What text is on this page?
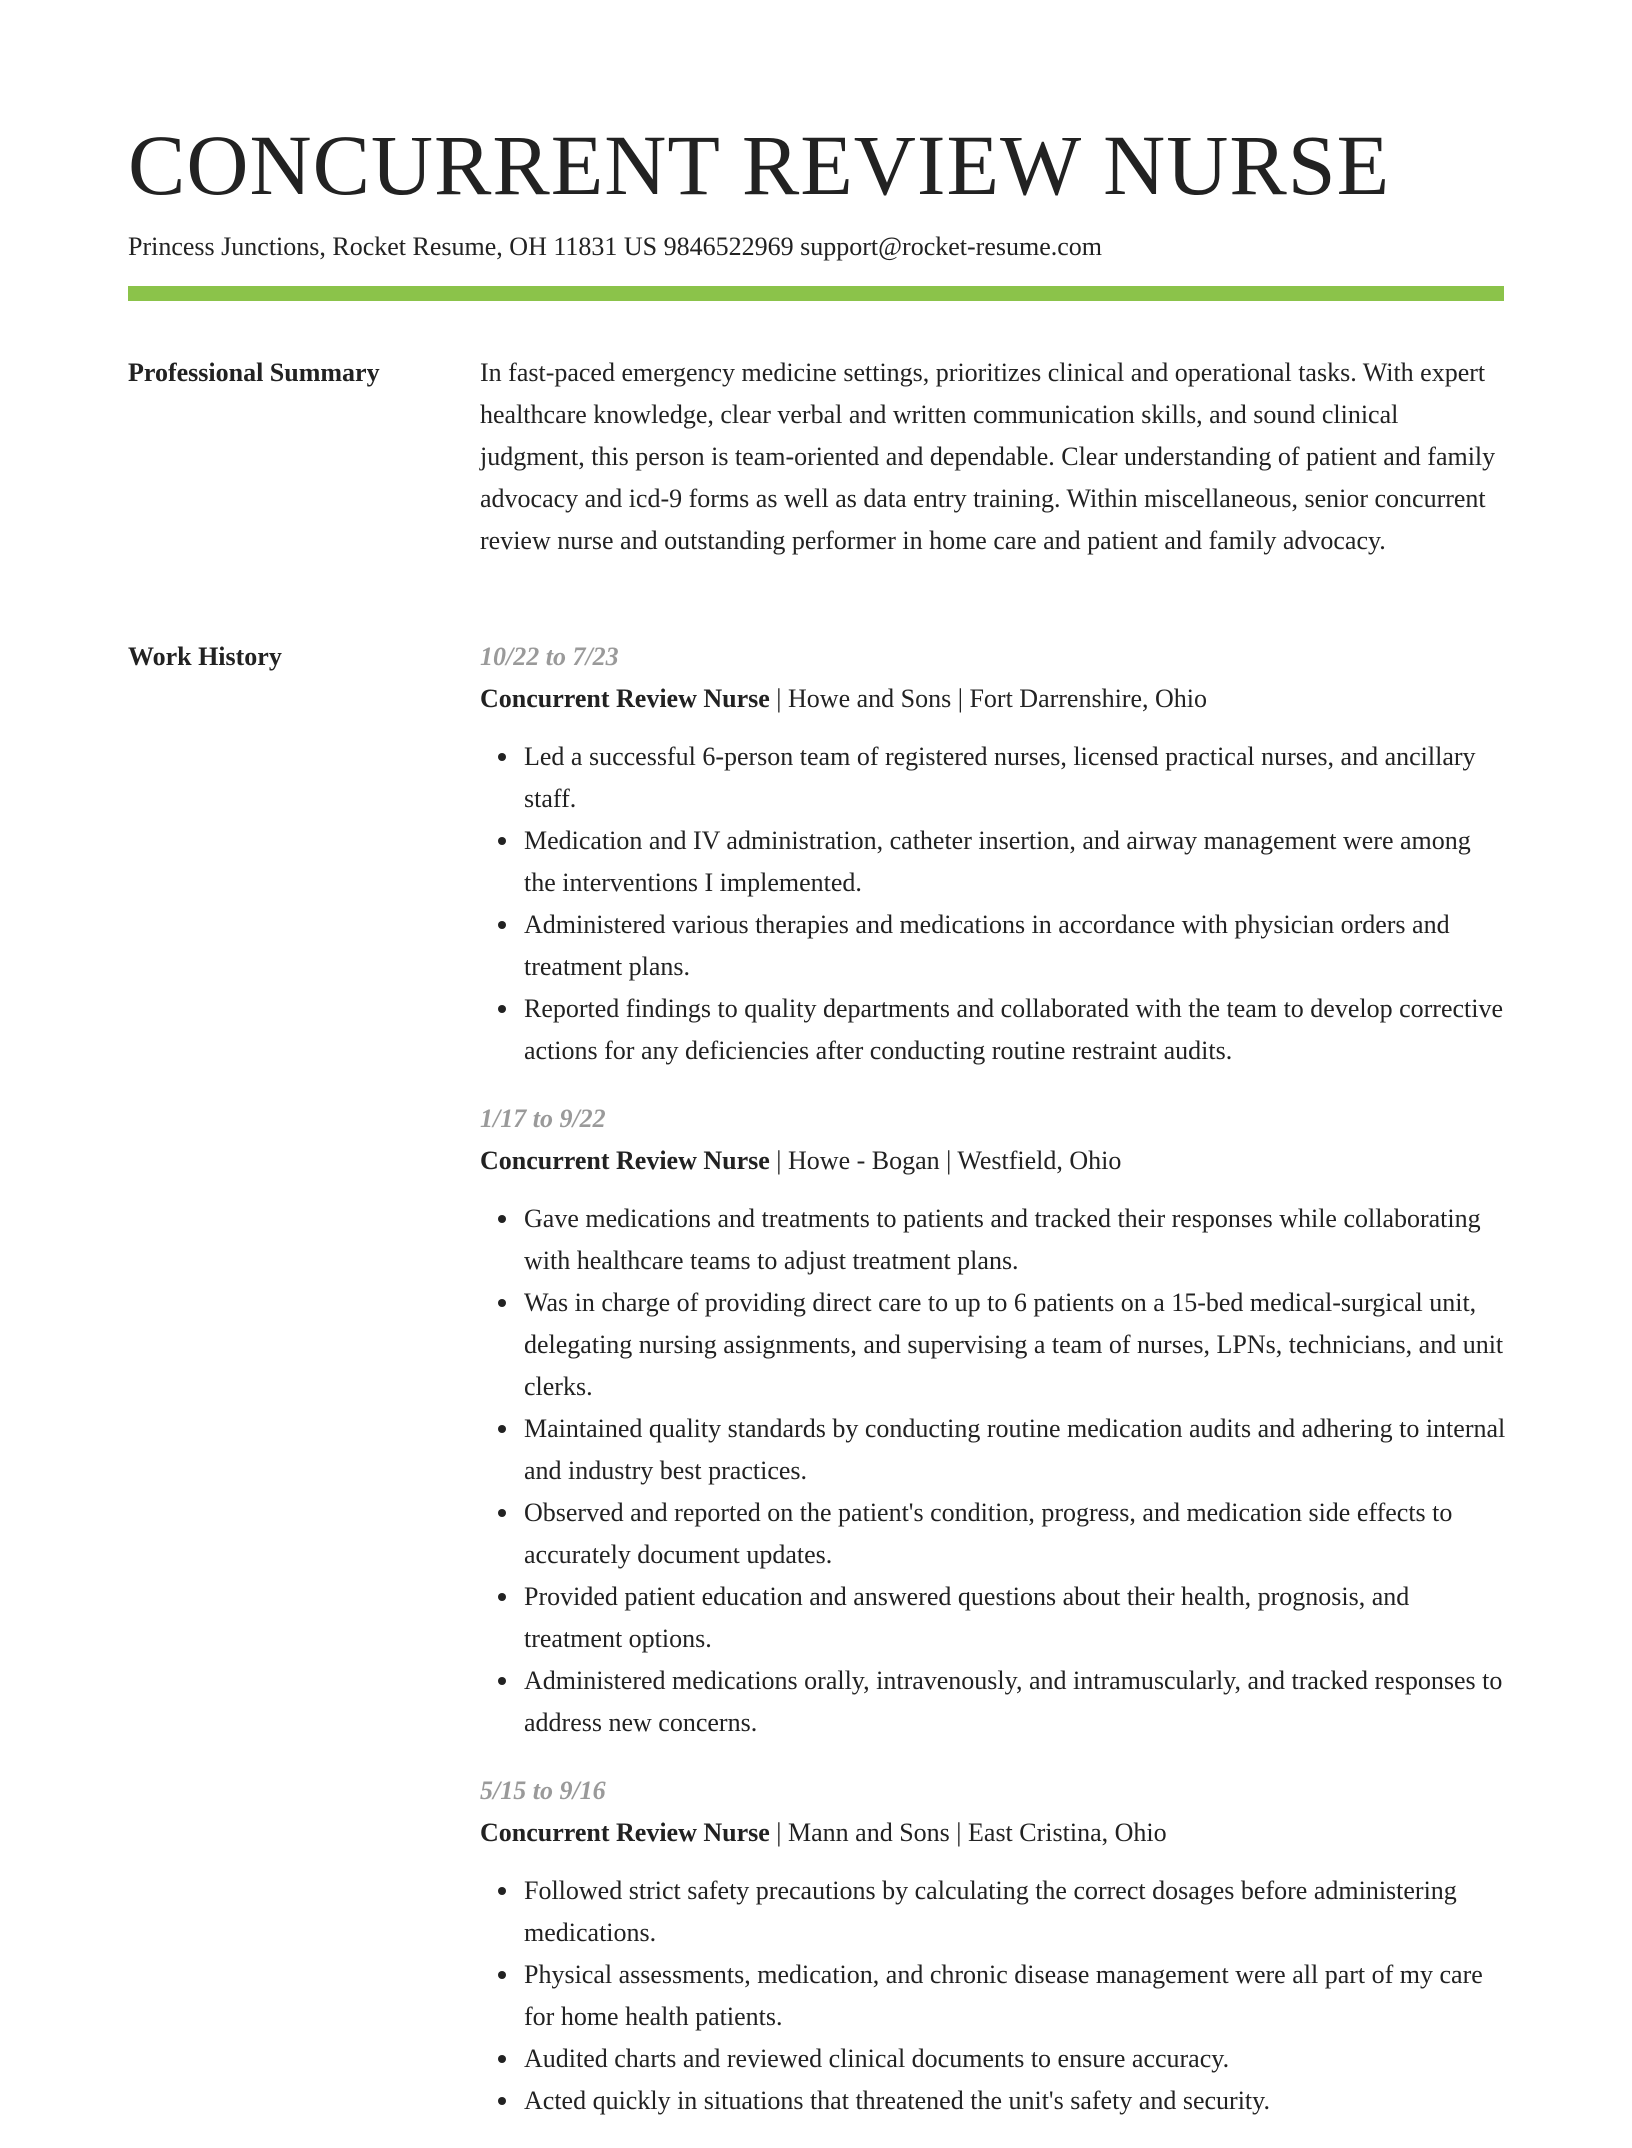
CONCURRENT REVIEW NURSE
Princess Junctions, Rocket Resume, OH 11831 US 9846522969 support@rocket-resume.com
Professional Summary	In fast-paced emergency medicine settings, prioritizes clinical and operational tasks. With expert healthcare knowledge, clear verbal and written communication skills, and sound clinical judgment, this person is team-oriented and dependable. Clear understanding of patient and family advocacy and icd-9 forms as well as data entry training. Within miscellaneous, senior concurrent review nurse and outstanding performer in home care and patient and family advocacy.

Work History	10/22 to 7/23
Concurrent Review Nurse | Howe and Sons | Fort Darrenshire, Ohio
Led a successful 6-person team of registered nurses, licensed practical nurses, and ancillary staff.
Medication and IV administration, catheter insertion, and airway management were among the interventions I implemented.
Administered various therapies and medications in accordance with physician orders and treatment plans.
Reported findings to quality departments and collaborated with the team to develop corrective actions for any deficiencies after conducting routine restraint audits.
1/17 to 9/22
Concurrent Review Nurse | Howe - Bogan | Westfield, Ohio
Gave medications and treatments to patients and tracked their responses while collaborating with healthcare teams to adjust treatment plans.
Was in charge of providing direct care to up to 6 patients on a 15-bed medical-surgical unit, delegating nursing assignments, and supervising a team of nurses, LPNs, technicians, and unit clerks.
Maintained quality standards by conducting routine medication audits and adhering to internal and industry best practices.
Observed and reported on the patient's condition, progress, and medication side effects to accurately document updates.
Provided patient education and answered questions about their health, prognosis, and treatment options.
Administered medications orally, intravenously, and intramuscularly, and tracked responses to address new concerns.
5/15 to 9/16
Concurrent Review Nurse | Mann and Sons | East Cristina, Ohio
Followed strict safety precautions by calculating the correct dosages before administering medications.
Physical assessments, medication, and chronic disease management were all part of my care for home health patients.
Audited charts and reviewed clinical documents to ensure accuracy.
Acted quickly in situations that threatened the unit's safety and security.
